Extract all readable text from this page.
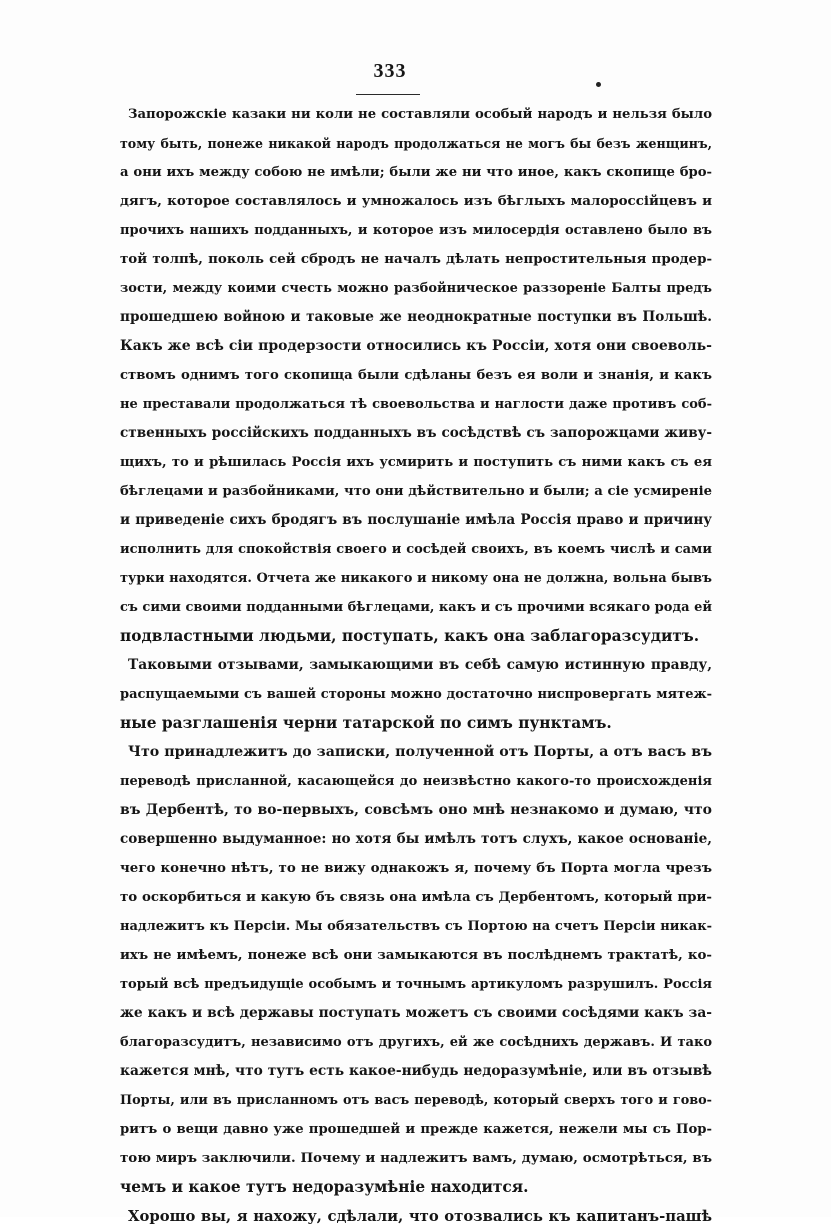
333
Запорожскіе казаки ни коли не составляли особый народъ и нельзя было
тому быть, понеже никакой народъ продолжаться не могъ бы безъ женщинъ,
а они ихъ между собою не имѣли; были же ни что иное, какъ скопище бро-
дягъ, которое составлялось и умножалось изъ бѣглыхъ малороссійцевъ и
прочихъ нашихъ подданныхъ, и которое изъ милосердія оставлено было въ
той толпѣ, поколь сей сбродъ не началъ дѣлать непростительныя продер-
зости, между коими счесть можно разбойническое раззореніе Балты предъ
прошедшею войною и таковые же неоднократные поступки въ Польшѣ.
Какъ же всѣ сіи продерзости относились къ Россіи, хотя они своеволь-
ствомъ однимъ того скопища были сдѣланы безъ ея воли и знанія, и какъ
не преставали продолжаться тѣ своевольства и наглости даже противъ соб-
ственныхъ россійскихъ подданныхъ въ сосѣдствѣ съ запорожцами живу-
щихъ, то и рѣшилась Россія ихъ усмирить и поступить съ ними какъ съ ея
бѣглецами и разбойниками, что они дѣйствительно и были; а сіе усмиреніе
и приведеніе сихъ бродягъ въ послушаніе имѣла Россія право и причину
исполнить для спокойствія своего и сосѣдей своихъ, въ коемъ числѣ и сами
турки находятся. Отчета же никакого и никому она не должна, вольна бывъ
съ сими своими подданными бѣглецами, какъ и съ прочими всякаго рода ей
подвластными людьми, поступать, какъ она заблагоразсудитъ.
Таковыми отзывами, замыкающими въ себѣ самую истинную правду,
распущаемыми съ вашей стороны можно достаточно ниспровергать мятеж-
ные разглашенія черни татарской по симъ пунктамъ.
Что принадлежитъ до записки, полученной отъ Порты, а отъ васъ въ
переводѣ присланной, касающейся до неизвѣстно какого-то происхожденія
въ Дербентѣ, то во-первыхъ, совсѣмъ оно мнѣ незнакомо и думаю, что
совершенно выдуманное: но хотя бы имѣлъ тотъ слухъ, какое основаніе,
чего конечно нѣтъ, то не вижу однакожъ я, почему бъ Порта могла чрезъ
то оскорбиться и какую бъ связь она имѣла съ Дербентомъ, который при-
надлежитъ къ Персіи. Мы обязательствъ съ Портою на счетъ Персіи никак-
ихъ не имѣемъ, понеже всѣ они замыкаются въ послѣднемъ трактатѣ, ко-
торый всѣ предъидущіе особымъ и точнымъ артикуломъ разрушилъ. Россія
же какъ и всѣ державы поступать можетъ съ своими сосѣдями какъ за-
благоразсудитъ, независимо отъ другихъ, ей же сосѣднихъ державъ. И тако
кажется мнѣ, что тутъ есть какое-нибудь недоразумѣніе, или въ отзывѣ
Порты, или въ присланномъ отъ васъ переводѣ, который сверхъ того и гово-
ритъ о вещи давно уже прошедшей и прежде кажется, нежели мы съ Пор-
тою миръ заключили. Почему и надлежитъ вамъ, думаю, осмотрѣться, въ
чемъ и какое тутъ недоразумѣніе находится.
Хорошо вы, я нахожу, сдѣлали, что отозвались къ капитанъ-пашѣ
